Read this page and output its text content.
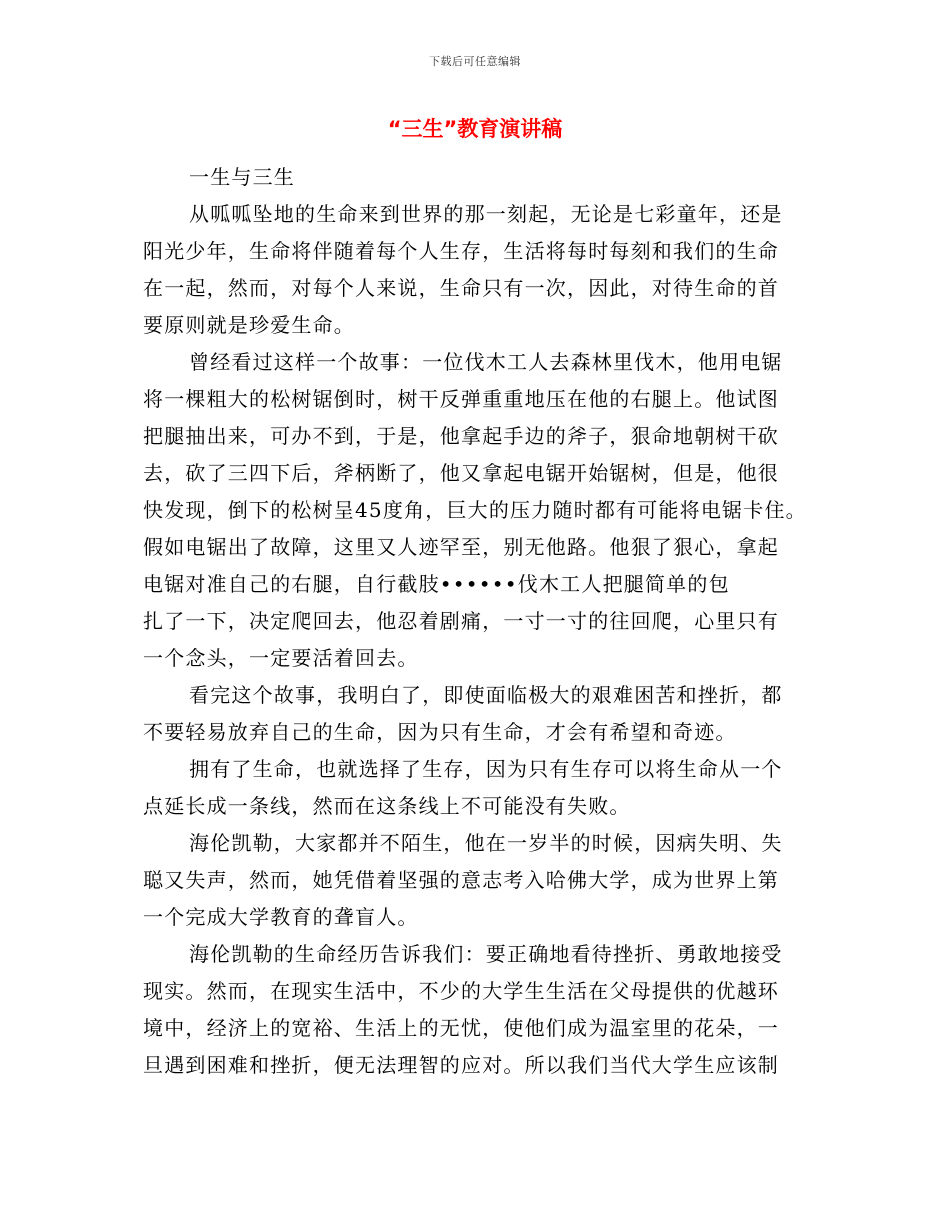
下载后可任意编辑
“三生”教育演讲稿
一生与三生
从呱呱坠地的生命来到世界的那一刻起，无论是七彩童年，还是
阳光少年，生命将伴随着每个人生存，生活将每时每刻和我们的生命
在一起，然而，对每个人来说，生命只有一次，因此，对待生命的首
要原则就是珍爱生命。
曾经看过这样一个故事：一位伐木工人去森林里伐木，他用电锯
将一棵粗大的松树锯倒时，树干反弹重重地压在他的右腿上。他试图
把腿抽出来，可办不到，于是，他拿起手边的斧子，狠命地朝树干砍
去，砍了三四下后，斧柄断了，他又拿起电锯开始锯树，但是，他很
快发现，倒下的松树呈45度角，巨大的压力随时都有可能将电锯卡住。
假如电锯出了故障，这里又人迹罕至，别无他路。他狠了狠心，拿起
电锯对准自己的右腿，自行截肢••••••伐木工人把腿简单的包
扎了一下，决定爬回去，他忍着剧痛，一寸一寸的往回爬，心里只有
一个念头，一定要活着回去。
看完这个故事，我明白了，即使面临极大的艰难困苦和挫折，都
不要轻易放弃自己的生命，因为只有生命，才会有希望和奇迹。
拥有了生命，也就选择了生存，因为只有生存可以将生命从一个
点延长成一条线，然而在这条线上不可能没有失败。
海伦凯勒，大家都并不陌生，他在一岁半的时候，因病失明、失
聪又失声，然而，她凭借着坚强的意志考入哈佛大学，成为世界上第
一个完成大学教育的聋盲人。
海伦凯勒的生命经历告诉我们：要正确地看待挫折、勇敢地接受
现实。然而，在现实生活中，不少的大学生生活在父母提供的优越环
境中，经济上的宽裕、生活上的无忧，使他们成为温室里的花朵，一
旦遇到困难和挫折，便无法理智的应对。所以我们当代大学生应该制
